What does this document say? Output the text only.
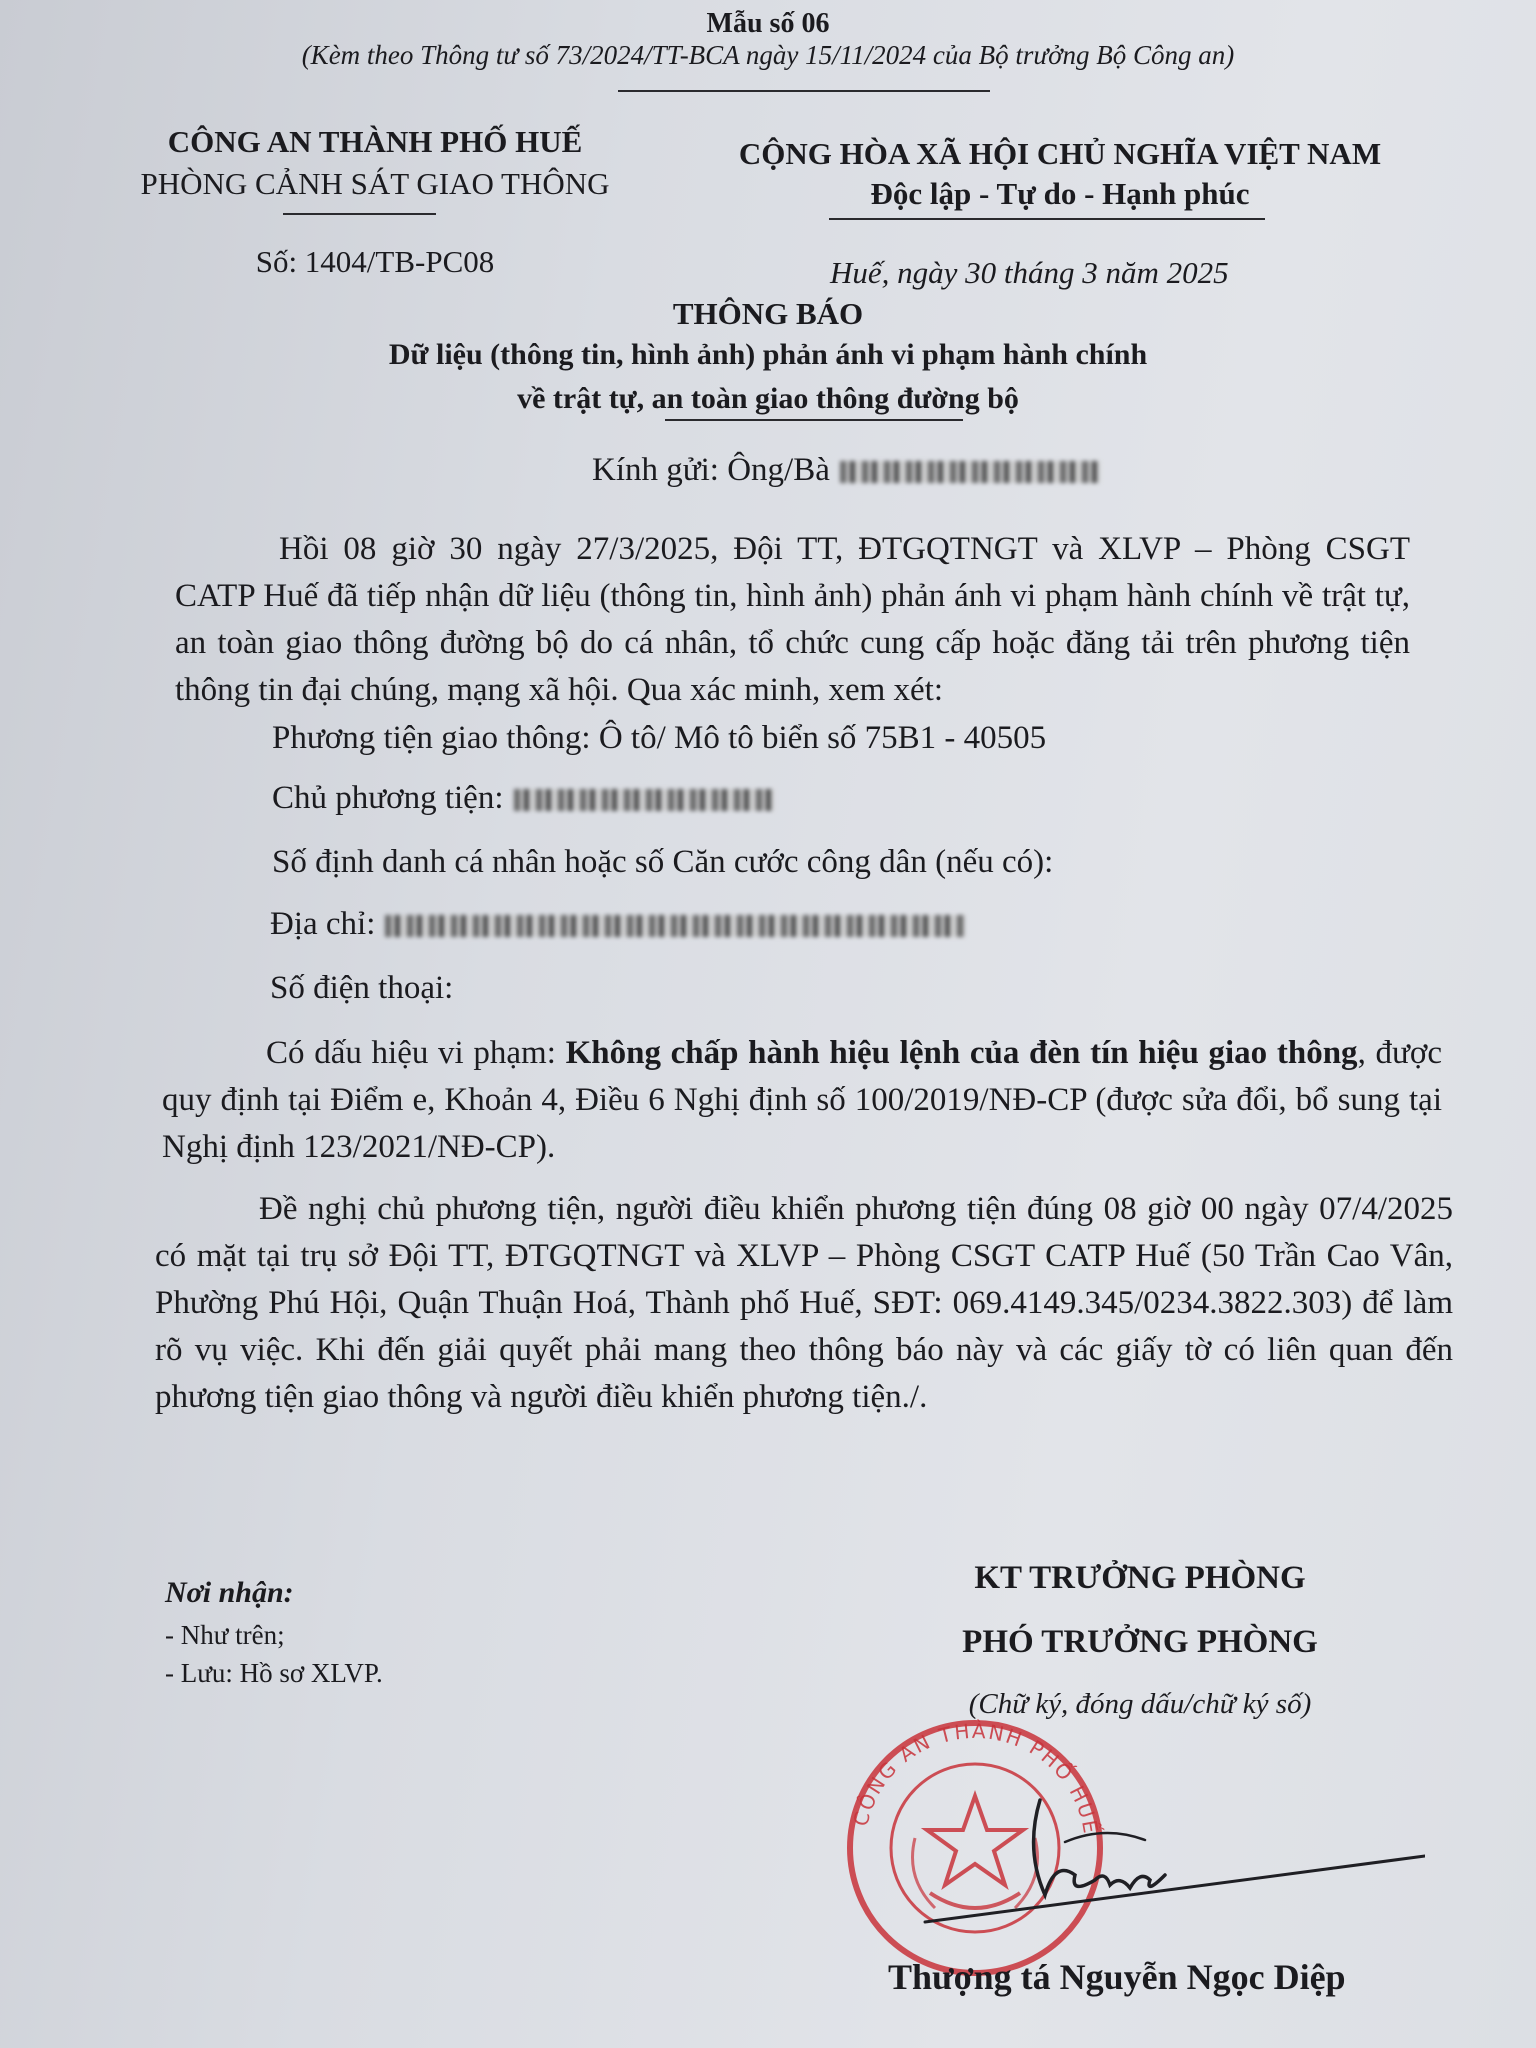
Mẫu số 06
(Kèm theo Thông tư số 73/2024/TT-BCA ngày 15/11/2024 của Bộ trưởng Bộ Công an)
CÔNG AN THÀNH PHỐ HUẾ
PHÒNG CẢNH SÁT GIAO THÔNG
Số: 1404/TB-PC08
CỘNG HÒA XÃ HỘI CHỦ NGHĨA VIỆT NAM
Độc lập - Tự do - Hạnh phúc
Huế, ngày 30 tháng 3 năm 2025
THÔNG BÁO
Dữ liệu (thông tin, hình ảnh) phản ánh vi phạm hành chính
về trật tự, an toàn giao thông đường bộ
Kính gửi: Ông/Bà
Hồi 08 giờ 30 ngày 27/3/2025, Đội TT, ĐTGQTNGT và XLVP – Phòng CSGT CATP Huế đã tiếp nhận dữ liệu (thông tin, hình ảnh) phản ánh vi phạm hành chính về trật tự, an toàn giao thông đường bộ do cá nhân, tổ chức cung cấp hoặc đăng tải trên phương tiện thông tin đại chúng, mạng xã hội. Qua xác minh, xem xét:
Phương tiện giao thông: Ô tô/ Mô tô biển số 75B1 - 40505
Chủ phương tiện:
Số định danh cá nhân hoặc số Căn cước công dân (nếu có):
Địa chỉ:
Số điện thoại:
Có dấu hiệu vi phạm: Không chấp hành hiệu lệnh của đèn tín hiệu giao thông, được quy định tại Điểm e, Khoản 4, Điều 6 Nghị định số 100/2019/NĐ-CP (được sửa đổi, bổ sung tại Nghị định 123/2021/NĐ-CP).
Đề nghị chủ phương tiện, người điều khiển phương tiện đúng 08 giờ 00 ngày 07/4/2025 có mặt tại trụ sở Đội TT, ĐTGQTNGT và XLVP – Phòng CSGT CATP Huế (50 Trần Cao Vân, Phường Phú Hội, Quận Thuận Hoá, Thành phố Huế, SĐT: 069.4149.345/0234.3822.303) để làm rõ vụ việc. Khi đến giải quyết phải mang theo thông báo này và các giấy tờ có liên quan đến phương tiện giao thông và người điều khiển phương tiện./.
Nơi nhận:
- Như trên;
- Lưu: Hồ sơ XLVP.
KT TRƯỞNG PHÒNG
PHÓ TRƯỞNG PHÒNG
(Chữ ký, đóng dấu/chữ ký số)
CÔNG AN THÀNH PHỐ HUẾ
Thượng tá Nguyễn Ngọc Diệp
